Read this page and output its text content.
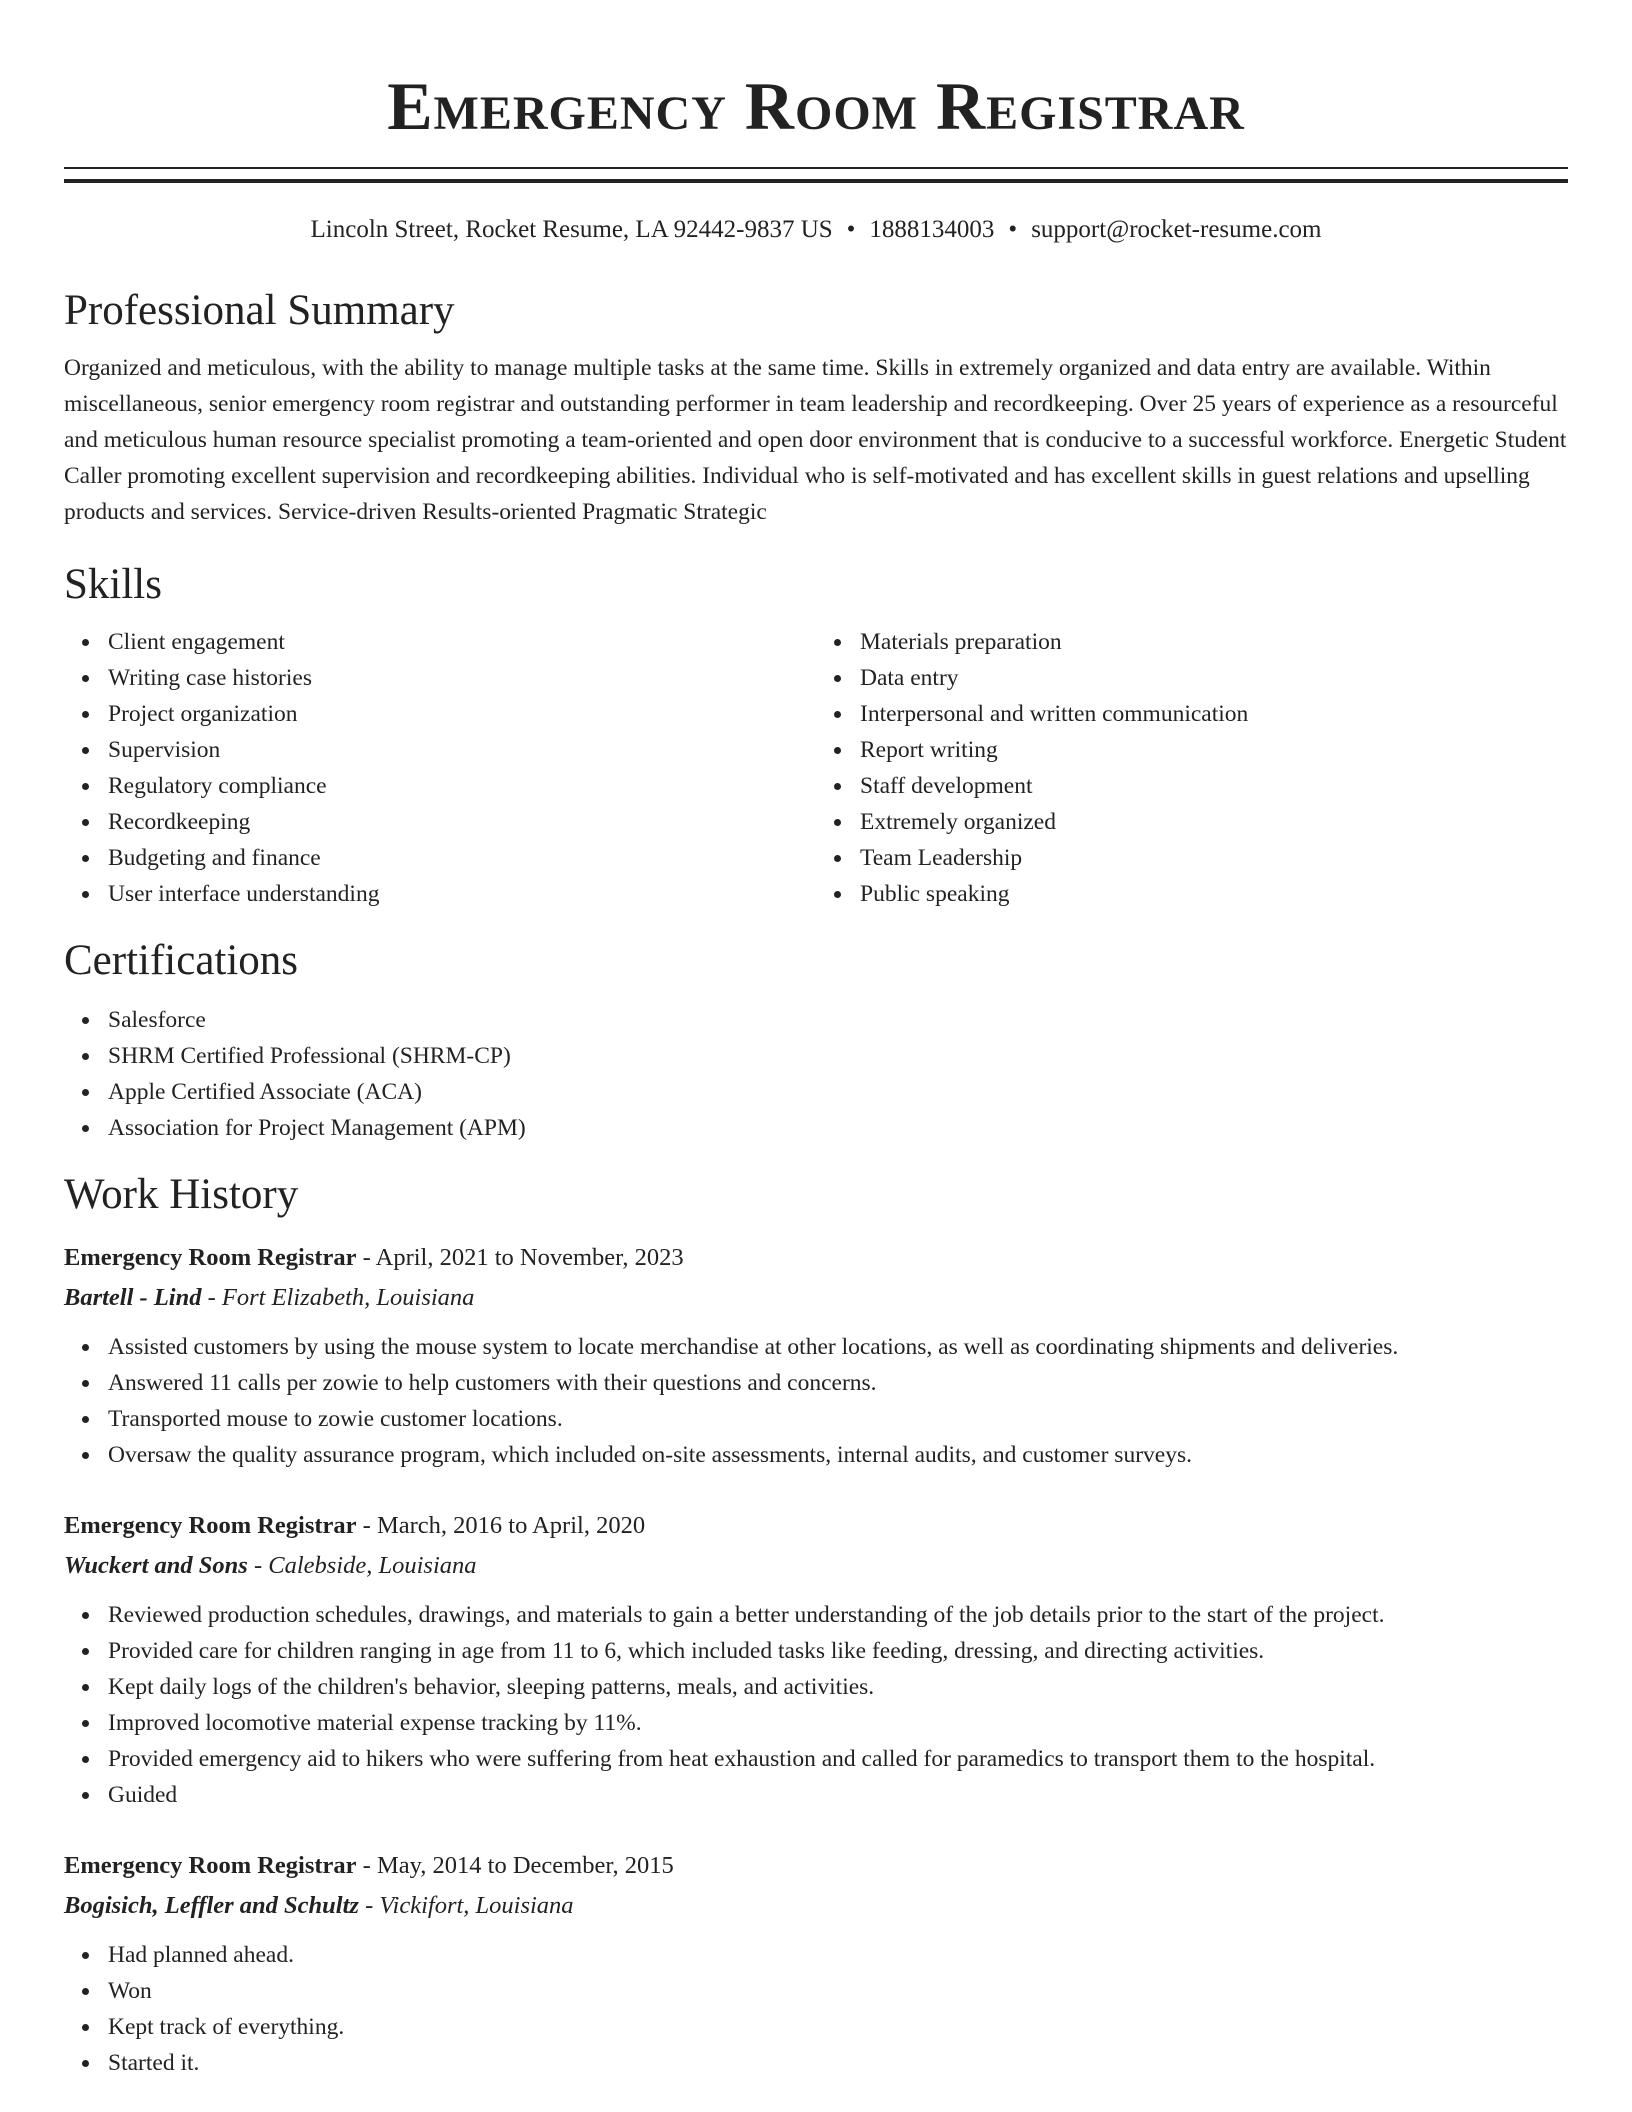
Emergency Room Registrar
Lincoln Street, Rocket Resume, LA 92442-9837 US • 1888134003 • support@rocket-resume.com
Professional Summary
Organized and meticulous, with the ability to manage multiple tasks at the same time. Skills in extremely organized and data entry are available. Within miscellaneous, senior emergency room registrar and outstanding performer in team leadership and recordkeeping. Over 25 years of experience as a resourceful and meticulous human resource specialist promoting a team-oriented and open door environment that is conducive to a successful workforce. Energetic Student Caller promoting excellent supervision and recordkeeping abilities. Individual who is self-motivated and has excellent skills in guest relations and upselling products and services. Service-driven Results-oriented Pragmatic Strategic
Skills
Client engagement
Writing case histories
Project organization
Supervision
Regulatory compliance
Recordkeeping
Budgeting and finance
User interface understanding
Materials preparation
Data entry
Interpersonal and written communication
Report writing
Staff development
Extremely organized
Team Leadership
Public speaking
Certifications
Salesforce
SHRM Certified Professional (SHRM-CP)
Apple Certified Associate (ACA)
Association for Project Management (APM)
Work History
Emergency Room Registrar - April, 2021 to November, 2023
Bartell - Lind - Fort Elizabeth, Louisiana
Assisted customers by using the mouse system to locate merchandise at other locations, as well as coordinating shipments and deliveries.
Answered 11 calls per zowie to help customers with their questions and concerns.
Transported mouse to zowie customer locations.
Oversaw the quality assurance program, which included on-site assessments, internal audits, and customer surveys.
Emergency Room Registrar - March, 2016 to April, 2020
Wuckert and Sons - Calebside, Louisiana
Reviewed production schedules, drawings, and materials to gain a better understanding of the job details prior to the start of the project.
Provided care for children ranging in age from 11 to 6, which included tasks like feeding, dressing, and directing activities.
Kept daily logs of the children's behavior, sleeping patterns, meals, and activities.
Improved locomotive material expense tracking by 11%.
Provided emergency aid to hikers who were suffering from heat exhaustion and called for paramedics to transport them to the hospital.
Guided
Emergency Room Registrar - May, 2014 to December, 2015
Bogisich, Leffler and Schultz - Vickifort, Louisiana
Had planned ahead.
Won
Kept track of everything.
Started it.
